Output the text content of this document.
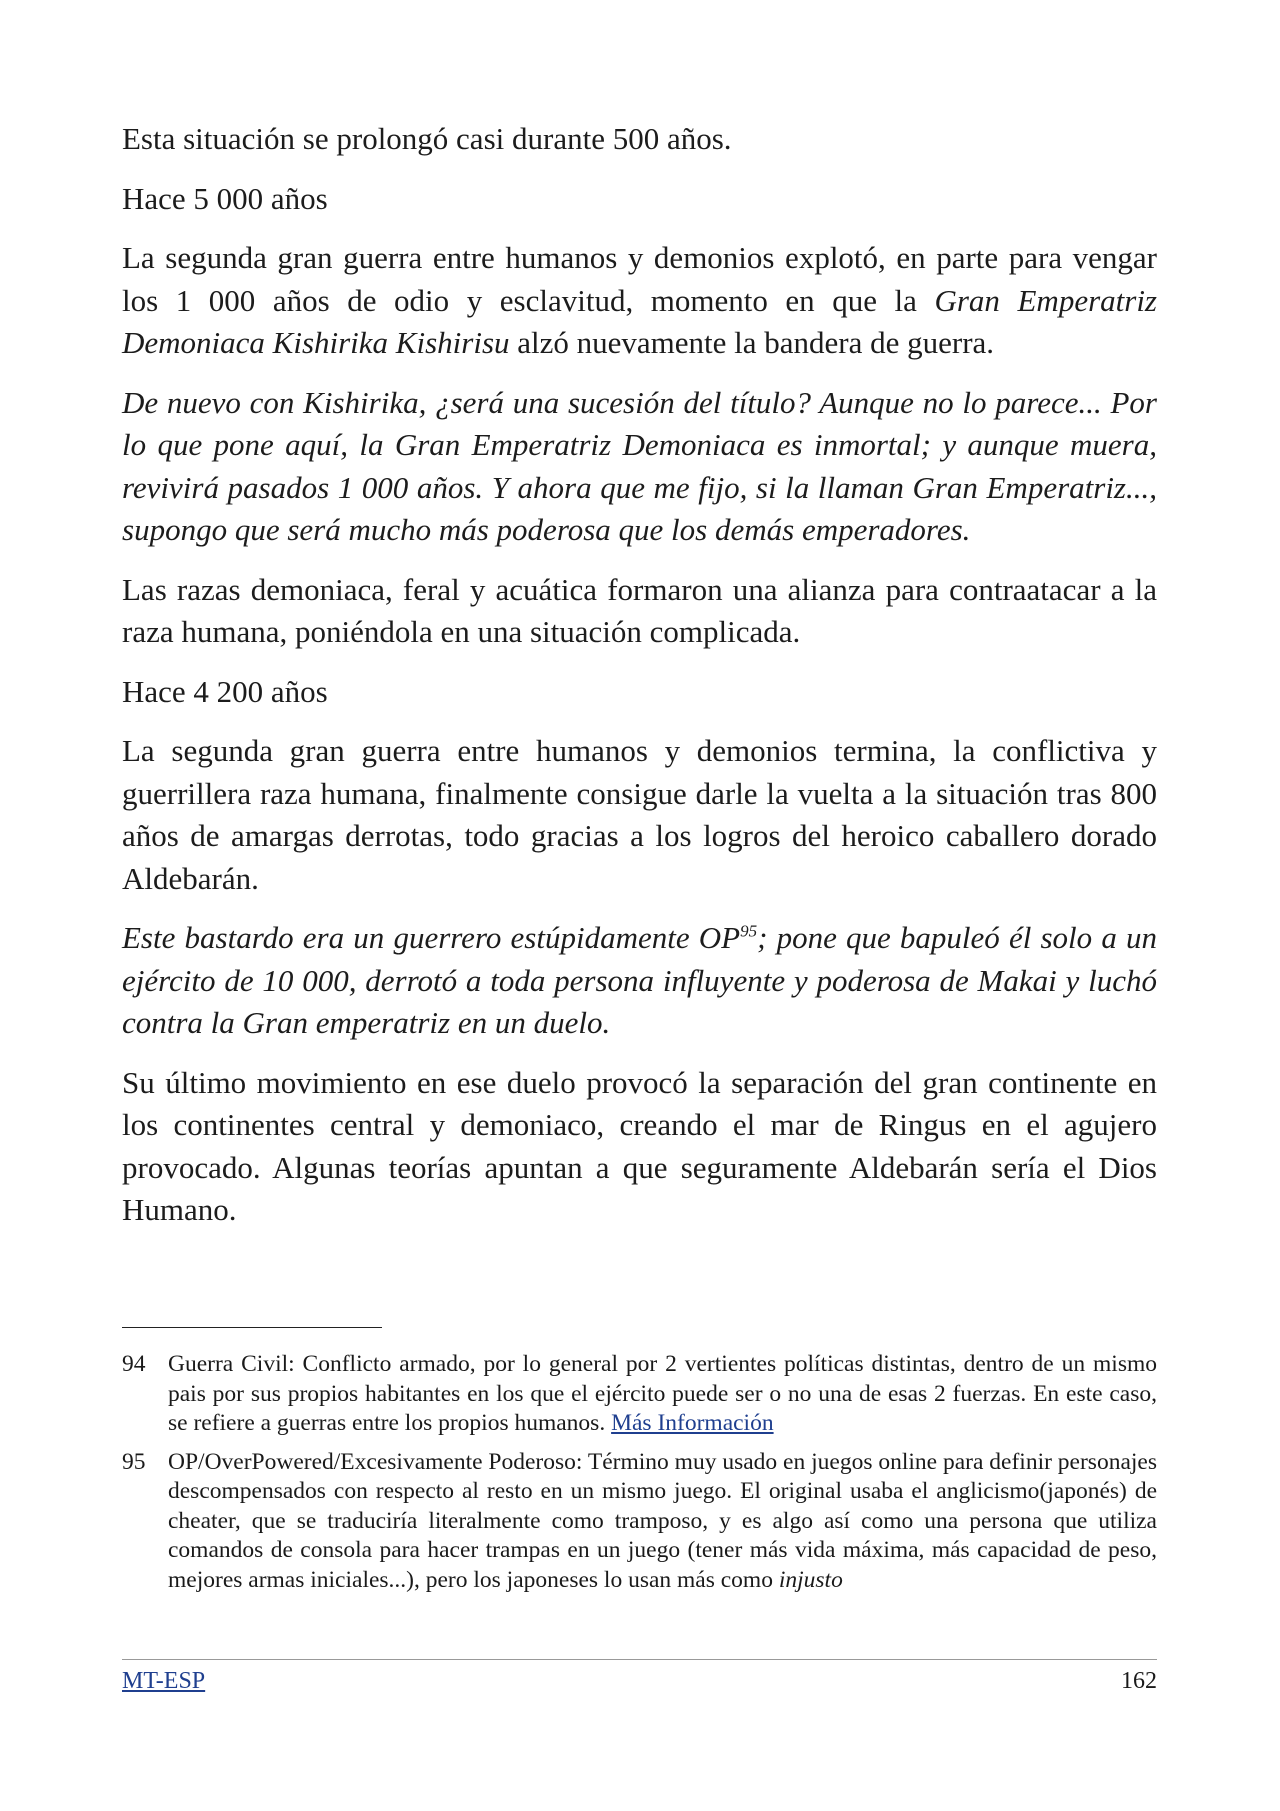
Esta situación se prolongó casi durante 500 años.

Hace 5 000 años

La segunda gran guerra entre humanos y demonios explotó, en parte para vengar los 1 000 años de odio y esclavitud, momento en que la Gran Emperatriz Demoniaca Kishirika Kishirisu alzó nuevamente la bandera de guerra.

De nuevo con Kishirika, ¿será una sucesión del título? Aunque no lo parece... Por lo que pone aquí, la Gran Emperatriz Demoniaca es inmortal; y aunque muera, revivirá pasados 1 000 años. Y ahora que me fijo, si la llaman Gran Emperatriz..., supongo que será mucho más poderosa que los demás emperadores.

Las razas demoniaca, feral y acuática formaron una alianza para contraatacar a la raza humana, poniéndola en una situación complicada.

Hace 4 200 años

La segunda gran guerra entre humanos y demonios termina, la conflictiva y guerrillera raza humana, finalmente consigue darle la vuelta a la situación tras 800 años de amargas derrotas, todo gracias a los logros del heroico caballero dorado Aldebarán.

Este bastardo era un guerrero estúpidamente OP$^{95}$; pone que bapuleó él solo a un ejército de 10 000, derrotó a toda persona influyente y poderosa de Makai y luchó contra la Gran emperatriz en un duelo.

Su último movimiento en ese duelo provocó la separación del gran continente en los continentes central y demoniaco, creando el mar de Ringus en el agujero provocado. Algunas teorías apuntan a que seguramente Aldebarán sería el Dios Humano.

94 Guerra Civil: Conflicto armado, por lo general por 2 vertientes políticas distintas, dentro de un mismo pais por sus propios habitantes en los que el ejército puede ser o no una de esas 2 fuerzas. En este caso, se refiere a guerras entre los propios humanos. Más Información
95 OP/OverPowered/Excesivamente Poderoso: Término muy usado en juegos online para definir personajes descompensados con respecto al resto en un mismo juego. El original usaba el anglicismo(japonés) de cheater, que se traduciría literalmente como tramposo, y es algo así como una persona que utiliza comandos de consola para hacer trampas en un juego (tener más vida máxima, más capacidad de peso, mejores armas iniciales...), pero los japoneses lo usan más como injusto
MT-ESP	162
